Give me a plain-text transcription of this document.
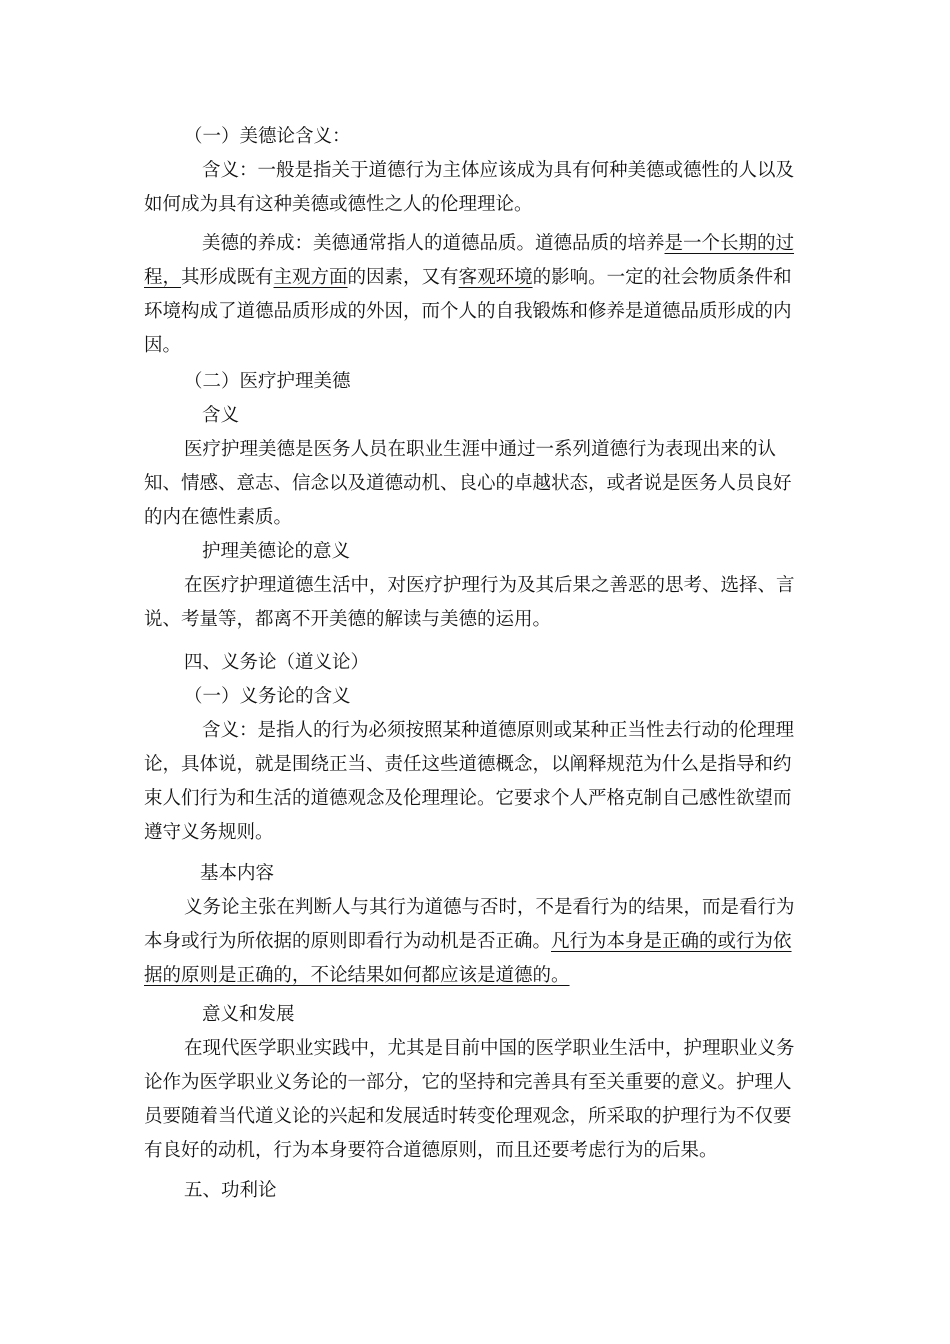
（一）美德论含义：
含义：一般是指关于道德行为主体应该成为具有何种美德或德性的人以及
如何成为具有这种美德或德性之人的伦理理论。
美德的养成：美德通常指人的道德品质。道德品质的培养是一个长期的过
程，其形成既有主观方面的因素，又有客观环境的影响。一定的社会物质条件和
环境构成了道德品质形成的外因，而个人的自我锻炼和修养是道德品质形成的内
因。
（二）医疗护理美德
含义
医疗护理美德是医务人员在职业生涯中通过一系列道德行为表现出来的认
知、情感、意志、信念以及道德动机、良心的卓越状态，或者说是医务人员良好
的内在德性素质。
护理美德论的意义
在医疗护理道德生活中，对医疗护理行为及其后果之善恶的思考、选择、言
说、考量等，都离不开美德的解读与美德的运用。
四、义务论（道义论）
（一）义务论的含义
含义：是指人的行为必须按照某种道德原则或某种正当性去行动的伦理理
论，具体说，就是围绕正当、责任这些道德概念，以阐释规范为什么是指导和约
束人们行为和生活的道德观念及伦理理论。它要求个人严格克制自己感性欲望而
遵守义务规则。
基本内容
义务论主张在判断人与其行为道德与否时，不是看行为的结果，而是看行为
本身或行为所依据的原则即看行为动机是否正确。凡行为本身是正确的或行为依
据的原则是正确的，不论结果如何都应该是道德的。
意义和发展
在现代医学职业实践中，尤其是目前中国的医学职业生活中，护理职业义务
论作为医学职业义务论的一部分，它的坚持和完善具有至关重要的意义。护理人
员要随着当代道义论的兴起和发展适时转变伦理观念，所采取的护理行为不仅要
有良好的动机，行为本身要符合道德原则，而且还要考虑行为的后果。
五、功利论
